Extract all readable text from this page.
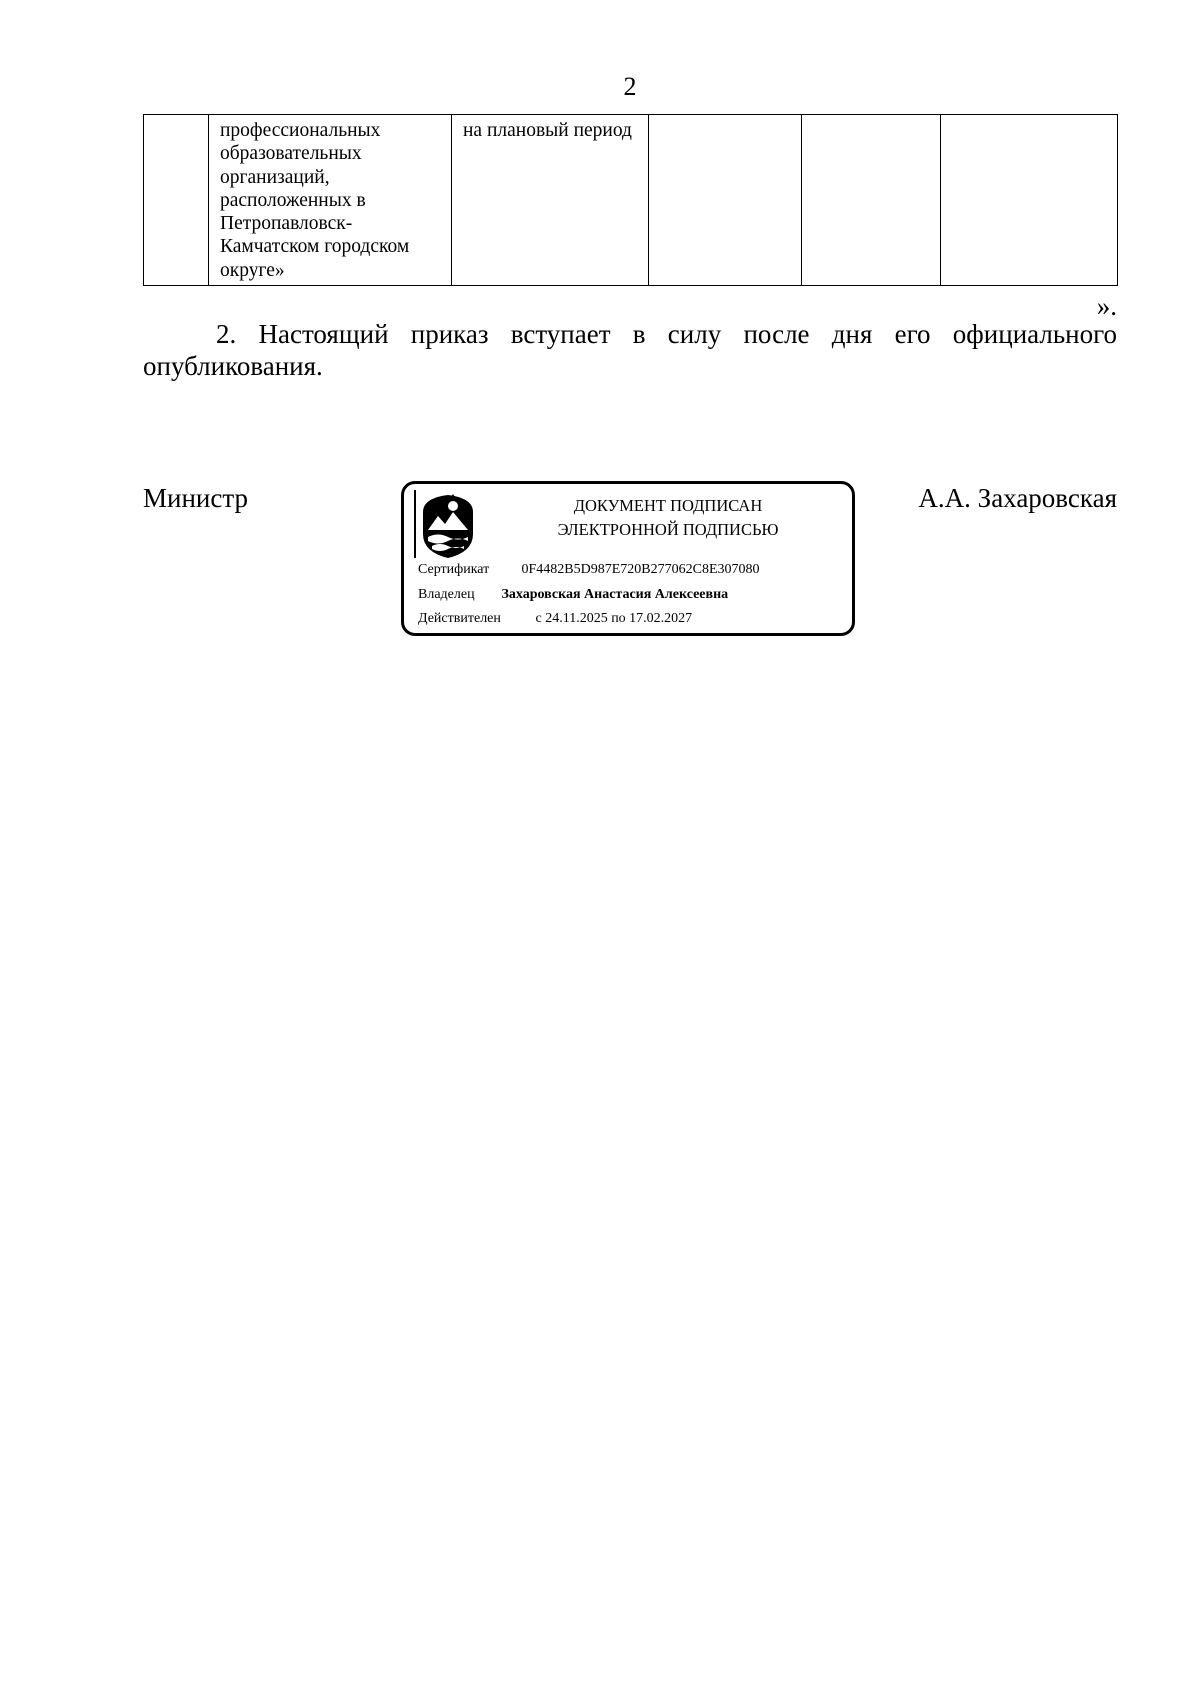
2
	профессиональных образовательных организаций, расположенных в Петропавловск-Камчатском городском округе»	на плановый период			
».

2. Настоящий приказ вступает в силу после дня его официального опубликования.

Министр	А.А. Захаровская
ДОКУМЕНТ ПОДПИСАН
ЭЛЕКТРОННОЙ ПОДПИСЬЮ
Сертификат 0F4482B5D987E720B277062C8E307080
Владелец Захаровская Анастасия Алексеевна
Действителен с 24.11.2025 по 17.02.2027
